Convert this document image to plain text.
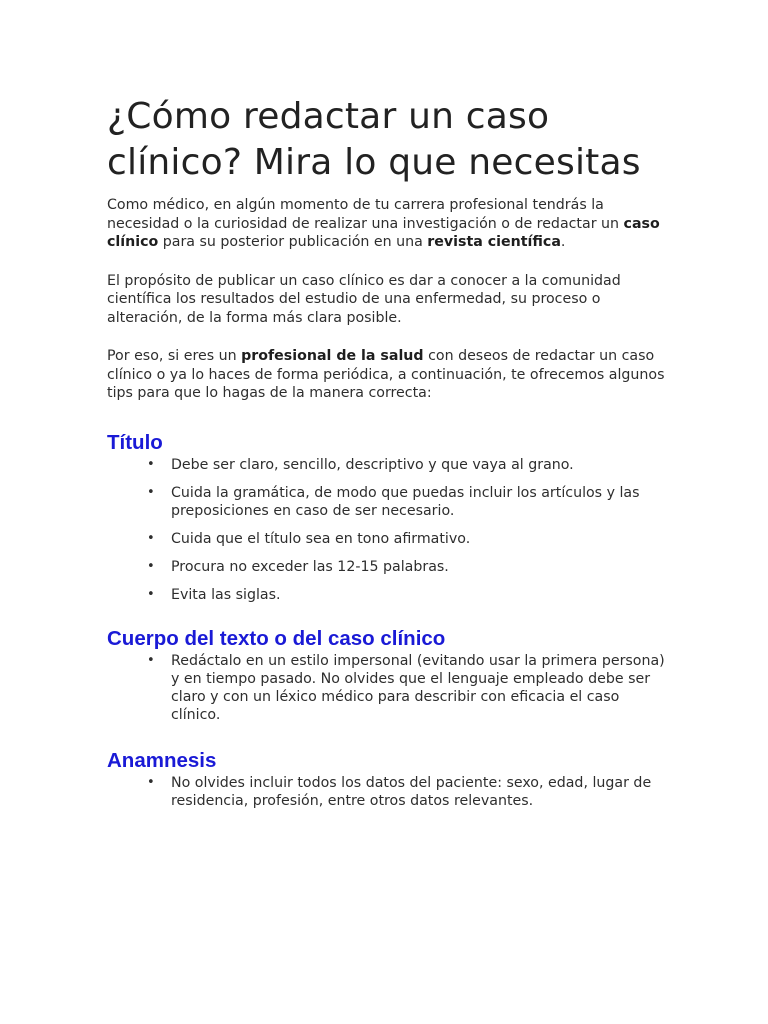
¿Cómo redactar un caso
clínico? Mira lo que necesitas

Como médico, en algún momento de tu carrera profesional tendrás la necesidad o la curiosidad de realizar una investigación o de redactar un caso clínico para su posterior publicación en una revista científica.

El propósito de publicar un caso clínico es dar a conocer a la comunidad científica los resultados del estudio de una enfermedad, su proceso o alteración, de la forma más clara posible.

Por eso, si eres un profesional de la salud con deseos de redactar un caso clínico o ya lo haces de forma periódica, a continuación, te ofrecemos algunos tips para que lo hagas de la manera correcta:

Título
• Debe ser claro, sencillo, descriptivo y que vaya al grano.
• Cuida la gramática, de modo que puedas incluir los artículos y las preposiciones en caso de ser necesario.
• Cuida que el título sea en tono afirmativo.
• Procura no exceder las 12-15 palabras.
• Evita las siglas.
Cuerpo del texto o del caso clínico
• Redáctalo en un estilo impersonal (evitando usar la primera persona) y en tiempo pasado. No olvides que el lenguaje empleado debe ser claro y con un léxico médico para describir con eficacia el caso clínico.
Anamnesis
• No olvides incluir todos los datos del paciente: sexo, edad, lugar de residencia, profesión, entre otros datos relevantes.
